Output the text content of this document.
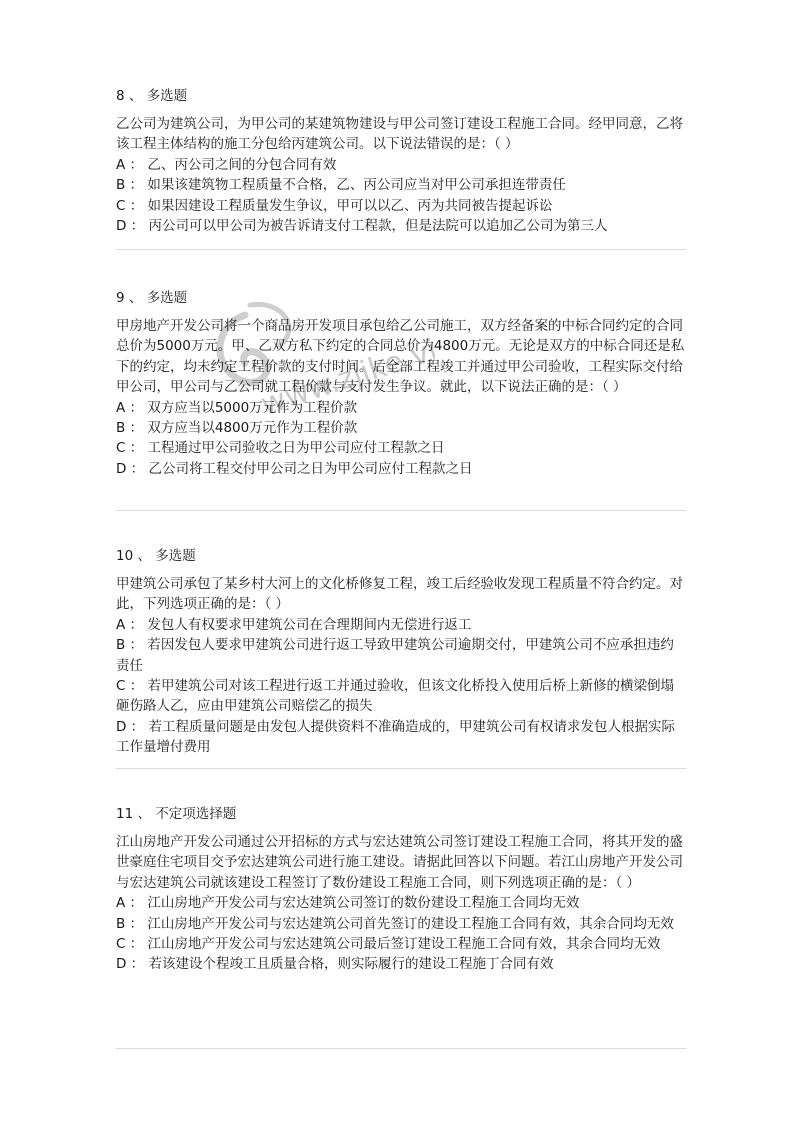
www.zjike.vip
8 、 多选题

乙公司为建筑公司，为甲公司的某建筑物建设与甲公司签订建设工程施工合同。经甲同意，乙将该工程主体结构的施工分包给丙建筑公司。以下说法错误的是：（ ）

A ： 乙、丙公司之间的分包合同有效

B ： 如果该建筑物工程质量不合格，乙、丙公司应当对甲公司承担连带责任

C ： 如果因建设工程质量发生争议，甲可以以乙、丙为共同被告提起诉讼

D ： 丙公司可以甲公司为被告诉请支付工程款，但是法院可以追加乙公司为第三人

9 、 多选题

甲房地产开发公司将一个商品房开发项目承包给乙公司施工，双方经备案的中标合同约定的合同总价为5000万元。甲、乙双方私下约定的合同总价为4800万元。无论是双方的中标合同还是私下的约定，均未约定工程价款的支付时间。后全部工程竣工并通过甲公司验收，工程实际交付给甲公司，甲公司与乙公司就工程价款与支付发生争议。就此，以下说法正确的是：（ ）

A ： 双方应当以5000万元作为工程价款

B ： 双方应当以4800万元作为工程价款

C ： 工程通过甲公司验收之日为甲公司应付工程款之日

D ： 乙公司将工程交付甲公司之日为甲公司应付工程款之日

10 、 多选题

甲建筑公司承包了某乡村大河上的文化桥修复工程，竣工后经验收发现工程质量不符合约定。对此，下列选项正确的是：（ ）

A ： 发包人有权要求甲建筑公司在合理期间内无偿进行返工

B ： 若因发包人要求甲建筑公司进行返工导致甲建筑公司逾期交付，甲建筑公司不应承担违约责任

C ： 若甲建筑公司对该工程进行返工并通过验收，但该文化桥投入使用后桥上新修的横梁倒塌砸伤路人乙，应由甲建筑公司赔偿乙的损失

D ： 若工程质量问题是由发包人提供资料不准确造成的，甲建筑公司有权请求发包人根据实际工作量增付费用

11 、 不定项选择题

江山房地产开发公司通过公开招标的方式与宏达建筑公司签订建设工程施工合同，将其开发的盛世豪庭住宅项目交予宏达建筑公司进行施工建设。请据此回答以下问题。若江山房地产开发公司与宏达建筑公司就该建设工程签订了数份建设工程施工合同，则下列选项正确的是：（ ）

A ： 江山房地产开发公司与宏达建筑公司签订的数份建设工程施工合同均无效

B ： 江山房地产开发公司与宏达建筑公司首先签订的建设工程施工合同有效，其余合同均无效

C ： 江山房地产开发公司与宏达建筑公司最后签订建设工程施工合同有效，其余合同均无效

D ： 若该建设个程竣工且质量合格，则实际履行的建设工程施丁合同有效
